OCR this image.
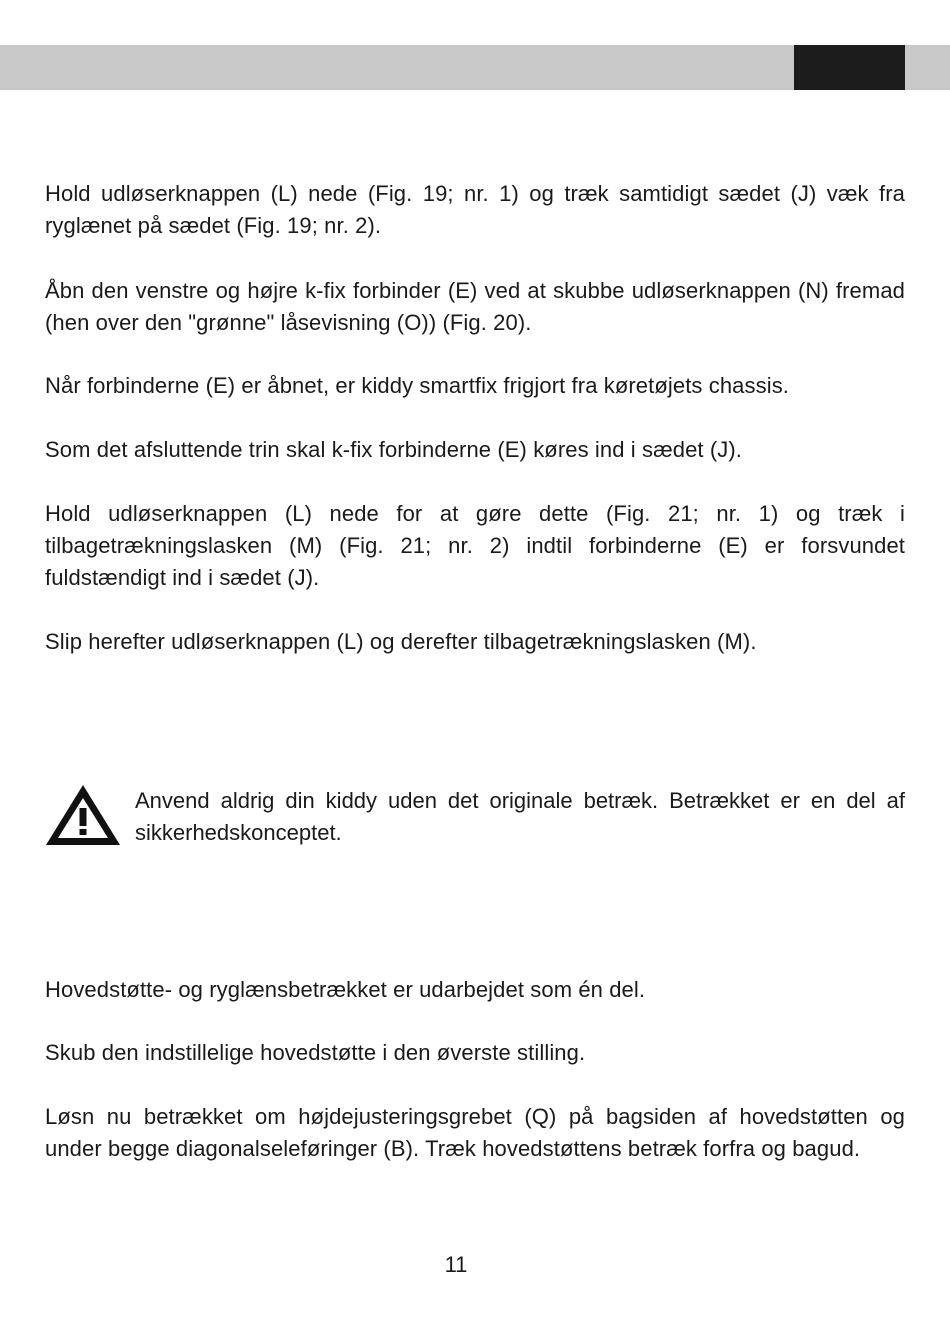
Hold udløserknappen (L) nede (Fig. 19; nr. 1) og træk samtidigt sædet (J) væk fra ryglænet på sædet (Fig. 19; nr. 2).

Åbn den venstre og højre k-fix forbinder (E) ved at skubbe udløserknappen (N) fremad (hen over den "grønne" låsevisning (O)) (Fig. 20).

Når forbinderne (E) er åbnet, er kiddy smartfix frigjort fra køretøjets chassis.

Som det afsluttende trin skal k-fix forbinderne (E) køres ind i sædet (J).

Hold udløserknappen (L) nede for at gøre dette (Fig. 21; nr. 1) og træk i tilbagetrækningslasken (M) (Fig. 21; nr. 2) indtil forbinderne (E) er forsvundet fuldstændigt ind i sædet (J).

Slip herefter udløserknappen (L) og derefter tilbagetrækningslasken (M).

Anvend aldrig din kiddy uden det originale betræk. Betrækket er en del af sikkerhedskonceptet.

Hovedstøtte- og ryglænsbetrækket er udarbejdet som én del.

Skub den indstillelige hovedstøtte i den øverste stilling.

Løsn nu betrækket om højdejusteringsgrebet (Q) på bagsiden af hovedstøtten og under begge diagonalseleføringer (B). Træk hovedstøttens betræk forfra og bagud.

11
